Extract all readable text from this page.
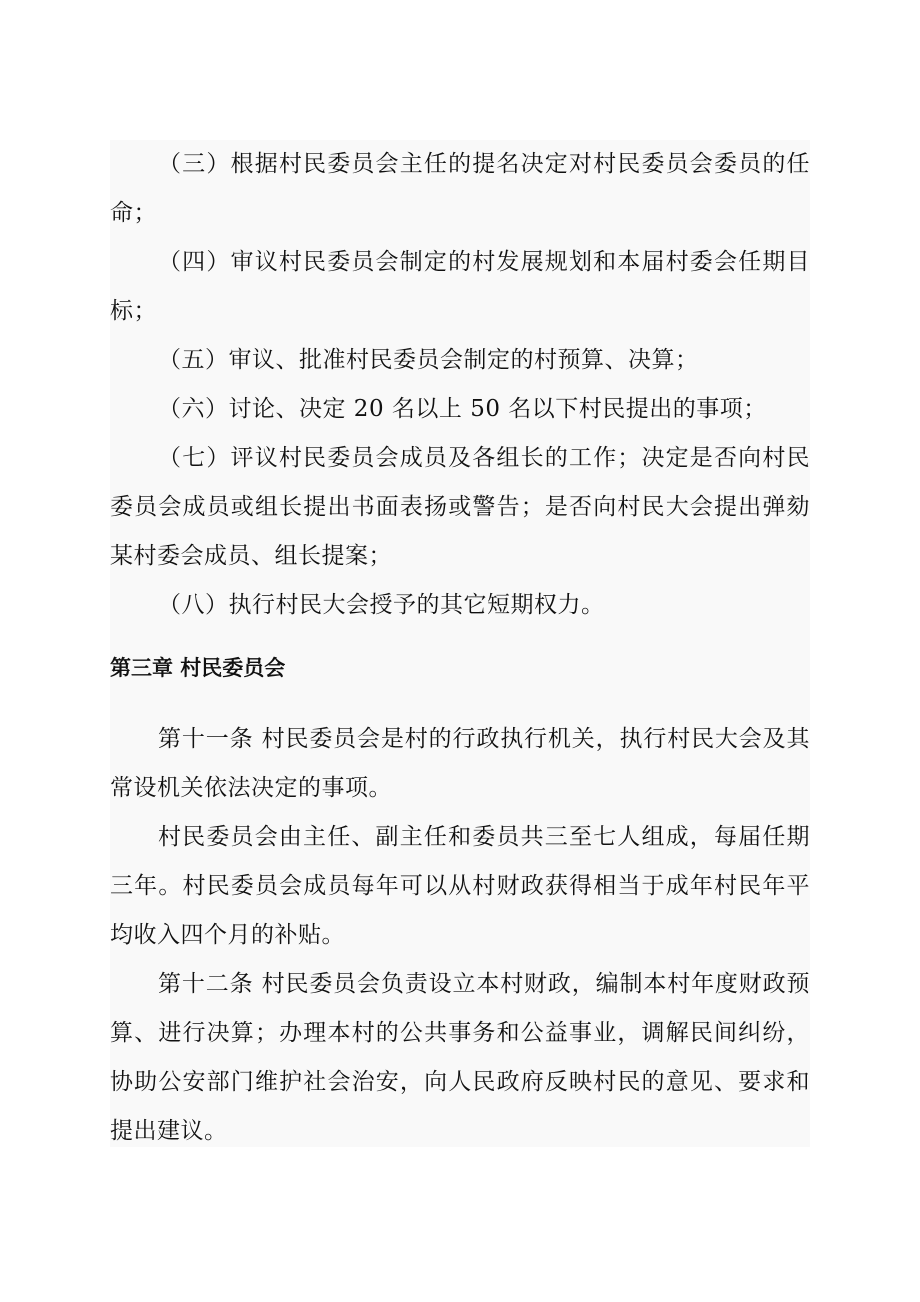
（三）根据村民委员会主任的提名决定对村民委员会委员的任命；

（四）审议村民委员会制定的村发展规划和本届村委会任期目标；

（五）审议、批准村民委员会制定的村预算、决算；

（六）讨论、决定 20 名以上 50 名以下村民提出的事项；

（七）评议村民委员会成员及各组长的工作；决定是否向村民委员会成员或组长提出书面表扬或警告；是否向村民大会提出弹劾某村委会成员、组长提案；

（八）执行村民大会授予的其它短期权力。

第三章 村民委员会

第十一条 村民委员会是村的行政执行机关，执行村民大会及其常设机关依法决定的事项。

村民委员会由主任、副主任和委员共三至七人组成，每届任期三年。村民委员会成员每年可以从村财政获得相当于成年村民年平均收入四个月的补贴。

第十二条 村民委员会负责设立本村财政，编制本村年度财政预算、进行决算；办理本村的公共事务和公益事业，调解民间纠纷，协助公安部门维护社会治安，向人民政府反映村民的意见、要求和提出建议。
